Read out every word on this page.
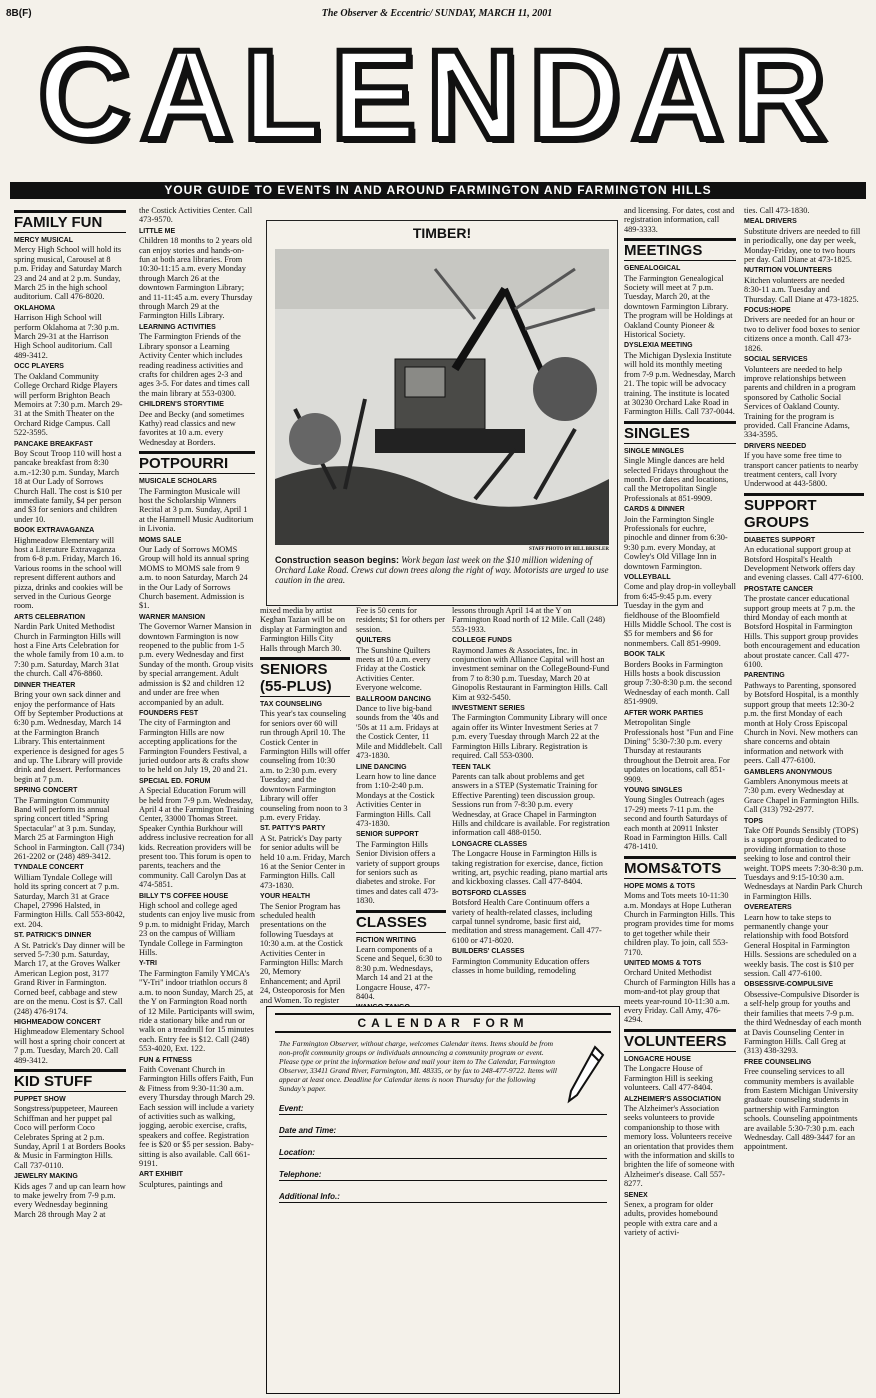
8B(F)	The Observer & Eccentric/ SUNDAY, MARCH 11, 2001
CALENDAR
YOUR GUIDE TO EVENTS IN AND AROUND FARMINGTON AND FARMINGTON HILLS
FAMILY FUN
MERCY MUSICAL

Mercy High School will hold its spring musical, Carousel at 8 p.m. Friday and Saturday March 23 and 24 and at 2 p.m. Sunday, March 25 in the high school auditorium. Call 476-8020.

OKLAHOMA

Harrison High School will perform Oklahoma at 7:30 p.m. March 29-31 at the Harrison High School auditorium. Call 489-3412.

OCC PLAYERS

The Oakland Community College Orchard Ridge Players will perform Brighton Beach Memoirs at 7:30 p.m. March 29-31 at the Smith Theater on the Orchard Ridge Campus. Call 522-3595.

PANCAKE BREAKFAST

Boy Scout Troop 110 will host a pancake breakfast from 8:30 a.m.-12:30 p.m. Sunday, March 18 at Our Lady of Sorrows Church Hall. The cost is $10 per immediate family, $4 per person and $3 for seniors and children under 10.

BOOK EXTRAVAGANZA

Highmeadow Elementary will host a Literature Extravaganza from 6-8 p.m. Friday, March 16. Various rooms in the school will represent different authors and pizza, drinks and cookies will be served in the Curious George room.

ARTS CELEBRATION

Nardin Park United Methodist Church in Farmington Hills will host a Fine Arts Celebration for the whole family from 10 a.m. to 7:30 p.m. Saturday, March 31at the church. Call 476-8860.

DINNER THEATER

Bring your own sack dinner and enjoy the performance of Hats Off by September Productions at 6:30 p.m. Wednesday, March 14 at the Farmington Branch Library. This entertainment experience is designed for ages 5 and up. The Library will provide drink and dessert. Performances begin at 7 p.m.

SPRING CONCERT

The Farmington Community Band will perform its annual spring concert titled "Spring Spectacular" at 3 p.m. Sunday, March 25 at Farmington High School in Farmington. Call (734) 261-2202 or (248) 489-3412.

TYNDALE CONCERT

William Tyndale College will hold its spring concert at 7 p.m. Saturday, March 31 at Grace Chapel, 27996 Halsted, in Farmington Hills. Call 553-8042, ext. 204.

ST. PATRICK'S DINNER

A St. Patrick's Day dinner will be served 5-7:30 p.m. Saturday, March 17, at the Groves Walker American Legion post, 3177 Grand River in Farmington. Corned beef, cabbage and stew are on the menu. Cost is $7. Call (248) 476-9174.

HIGHMEADOW CONCERT

Highmeadow Elementary School will host a spring choir concert at 7 p.m. Tuesday, March 20. Call 489-3412.

KID STUFF
PUPPET SHOW

Songstress/puppeteer, Maureen Schiffman and her puppet pal Coco will perform Coco Celebrates Spring at 2 p.m. Sunday, April 1 at Borders Books & Music in Farmington Hills. Call 737-0110.

JEWELRY MAKING

Kids ages 7 and up can learn how to make jewelry from 7-9 p.m. every Wednesday beginning March 28 through May 2 at

the Costick Activities Center. Call 473-9570.

LITTLE ME

Children 18 months to 2 years old can enjoy stories and hands-on-fun at both area libraries. From 10:30-11:15 a.m. every Monday through March 26 at the downtown Farmington Library; and 11-11:45 a.m. every Thursday through March 29 at the Farmington Hills Library.

LEARNING ACTIVITIES

The Farmington Friends of the Library sponsor a Learning Activity Center which includes reading readiness activities and crafts for children ages 2-3 and ages 3-5. For dates and times call the main library at 553-0300.

CHILDREN'S STORYTIME

Dee and Becky (and sometimes Kathy) read classics and new favorites at 10 a.m. every Wednesday at Borders.

POTPOURRI
MUSICALE SCHOLARS

The Farmington Musicale will host the Scholarship Winners Recital at 3 p.m. Sunday, April 1 at the Hammell Music Auditorium in Livonia.

MOMS SALE

Our Lady of Sorrows MOMS Group will hold its annual spring MOMS to MOMS sale from 9 a.m. to noon Saturday, March 24 in the Our Lady of Sorrows Church basement. Admission is $1.

WARNER MANSION

The Governor Warner Mansion in downtown Farmington is now reopened to the public from 1-5 p.m. every Wednesday and first Sunday of the month. Group visits by special arrangement. Adult admission is $2 and children 12 and under are free when accompanied by an adult.

FOUNDERS FEST

The city of Farmington and Farmington Hills are now accepting applications for the Farmington Founders Festival, a juried outdoor arts & crafts show to be held on July 19, 20 and 21.

SPECIAL ED. FORUM

A Special Education Forum will be held from 7-9 p.m. Wednesday, April 4 at the Farmington Training Center, 33000 Thomas Street. Speaker Cynthia Burkhour will address inclusive recreation for all kids. Recreation providers will be present too. This forum is open to parents, teachers and the community. Call Carolyn Das at 474-5851.

BILLY T'S COFFEE HOUSE

High school and college aged students can enjoy live music from 9 p.m. to midnight Friday, March 23 on the campus of William Tyndale College in Farmington Hills.

Y-TRI

The Farmington Family YMCA's "Y-Tri" indoor triathlon occurs 8 a.m. to noon Sunday, March 25, at the Y on Farmington Road north of 12 Mile. Participants will swim, ride a stationary bike and run or walk on a treadmill for 15 minutes each. Entry fee is $12. Call (248) 553-4020, Ext. 122.

FUN & FITNESS

Faith Covenant Church in Farmington Hills offers Faith, Fun & Fitness from 9:30-11:30 a.m. every Thursday through March 29. Each session will include a variety of activities such as walking, jogging, aerobic exercise, crafts, speakers and coffee. Registration fee is $20 or $5 per session. Baby-sitting is also available. Call 661-9191.

ART EXHIBIT

Sculptures, paintings and

TIMBER!
STAFF PHOTO BY BILL BRESLER
Construction season begins: Work began last week on the $10 million widening of Orchard Lake Road. Crews cut down trees along the right of way. Motorists are urged to use caution in the area.

mixed media by artist Keghan Tazian will be on display at Farmington and Farmington Hills City Halls through March 30.

SENIORS (55-PLUS)
TAX COUNSELING

This year's tax counseling for seniors over 60 will run through April 10. The Costick Center in Farmington Hills will offer counseling from 10:30 a.m. to 2:30 p.m. every Tuesday; and the downtown Farmington Library will offer counseling from noon to 3 p.m. every Friday.

ST. PATTY'S PARTY

A St. Patrick's Day party for senior adults will be held 10 a.m. Friday, March 16 at the Senior Center in Farmington Hills. Call 473-1830.

YOUR HEALTH

The Senior Program has scheduled health presentations on the following Tuesdays at 10:30 a.m. at the Costick Activities Center in Farmington Hills: March 20, Memory Enhancement; and April 24, Osteoporosis for Men and Women. To register

Fee is 50 cents for residents; $1 for others per session.

QUILTERS

The Sunshine Quilters meets at 10 a.m. every Friday at the Costick Activities Center. Everyone welcome.

BALLROOM DANCING

Dance to live big-band sounds from the '40s and '50s at 11 a.m. Fridays at the Costick Center, 11 Mile and Middlebelt. Call 473-1830.

LINE DANCING

Learn how to line dance from 1:10-2:40 p.m. Mondays at the Costick Activities Center in Farmington Hills. Call 473-1830.

SENIOR SUPPORT

The Farmington Hills Senior Division offers a variety of support groups for seniors such as diabetes and stroke. For times and dates call 473-1830.

CLASSES
FICTION WRITING

Learn components of a Scene and Sequel, 6:30 to 8:30 p.m. Wednesdays, March 14 and 21 at the Longacre House, 477-8404.

lessons through April 14 at the Y on Farmington Road north of 12 Mile. Call (248) 553-1933.

COLLEGE FUNDS

Raymond James & Associates, Inc. in conjunction with Alliance Capital will host an investment seminar on the CollegeBound-Fund from 7 to 8:30 p.m. Tuesday, March 20 at Ginopolis Restaurant in Farmington Hills. Call Kim at 932-5450.

INVESTMENT SERIES

The Farmington Community Library will once again offer its Winter Investment Series at 7 p.m. every Tuesday through March 22 at the Farmington Hills Library. Registration is required. Call 553-0300.

TEEN TALK

Parents can talk about problems and get answers in a STEP (Systematic Training for Effective Parenting) teen discussion group. Sessions run from 7-8:30 p.m. every Wednesday, at Grace Chapel in Farmington Hills and childcare is available. For registration information call 488-0150.

LONGACRE CLASSES

The Longacre House in Farmington Hills is taking registration for exercise, dance, fiction writing, art, psychic reading, piano martial arts and kickboxing classes. Call 477-8404.

BOTSFORD CLASSES

Botsford Health Care Continuum offers a variety of health-related classes, including carpal tunnel syndrome, basic first aid, meditation and stress management. Call 477-6100 or 471-8020.

BUILDERS' CLASSES

Farmington Community Education offers classes in home building, remodeling

CALENDAR FORM
The Farmington Observer, without charge, welcomes Calendar items. Items should be from non-profit community groups or individuals announcing a community program or event. Please type or print the information below and mail your item to The Calendar, Farmington Observer, 33411 Grand River, Farmington, MI. 48335, or by fax to 248-477-9722. Items will appear at least once. Deadline for Calendar items is noon Thursday for the following Sunday's paper.
Event:
Date and Time:
Location:
Telephone:
Additional Info.:

and licensing. For dates, cost and registration information, call 489-3333.

MEETINGS
GENEALOGICAL

The Farmington Genealogical Society will meet at 7 p.m. Tuesday, March 20, at the downtown Farmington Library. The program will be Holdings at Oakland County Pioneer & Historical Society.

DYSLEXIA MEETING

The Michigan Dyslexia Institute will hold its monthly meeting from 7-9 p.m. Wednesday, March 21. The topic will be advocacy training. The institute is located at 30230 Orchard Lake Road in Farmington Hills. Call 737-0044.

SINGLES
SINGLE MINGLES

Single Mingle dances are held selected Fridays throughout the month. For dates and locations, call the Metropolitan Single Professionals at 851-9909.

CARDS & DINNER

Join the Farmington Single Professionals for euchre, pinochle and dinner from 6:30-9:30 p.m. every Monday, at Cowley's Old Village Inn in downtown Farmington.

VOLLEYBALL

Come and play drop-in volleyball from 6:45-9:45 p.m. every Tuesday in the gym and fieldhouse of the Bloomfield Hills Middle School. The cost is $5 for members and $6 for nonmembers. Call 851-9909.

BOOK TALK

Borders Books in Farmington Hills hosts a book discussion group 7:30-8:30 p.m. the second Wednesday of each month. Call 851-9909.

AFTER WORK PARTIES

Metropolitan Single Professionals host "Fun and Fine Dining" 5:30-7:30 p.m. every Thursday at restaurants throughout the Detroit area. For updates on locations, call 851-9909.

YOUNG SINGLES

Young Singles Outreach (ages 17-29) meets 7-11 p.m. the second and fourth Saturdays of each month at 20911 Inkster Road in Farmington Hills. Call 478-1410.

MOMS&TOTS
HOPE MOMS & TOTS

Moms and Tots meets 10-11:30 a.m. Mondays at Hope Lutheran Church in Farmington Hills. This program provides time for moms to get together while their children play. To join, call 553-7170.

UNITED MOMS & TOTS

Orchard United Methodist Church of Farmington Hills has a mom-and-tot play group that meets year-round 10-11:30 a.m. every Friday. Call Amy, 476-4294.

VOLUNTEERS
LONGACRE HOUSE

The Longacre House of Farmington Hill is seeking volunteers. Call 477-8404.

ALZHEIMER'S ASSOCIATION

The Alzheimer's Association seeks volunteers to provide companionship to those with memory loss. Volunteers receive an orientation that provides them with the information and skills to brighten the life of someone with Alzheimer's disease. Call 557-8277.

SENEX

Senex, a program for older adults, provides homebound people with extra care and a variety of activi-

ties. Call 473-1830.

MEAL DRIVERS

Substitute drivers are needed to fill in periodically, one day per week, Monday-Friday, one to two hours per day. Call Diane at 473-1825.

NUTRITION VOLUNTEERS

Kitchen volunteers are needed 8:30-11 a.m. Tuesday and Thursday. Call Diane at 473-1825.

FOCUS:HOPE

Drivers are needed for an hour or two to deliver food boxes to senior citizens once a month. Call 473-1826.

SOCIAL SERVICES

Volunteers are needed to help improve relationships between parents and children in a program sponsored by Catholic Social Services of Oakland County. Training for the program is provided. Call Francine Adams, 334-3595.

DRIVERS NEEDED

If you have some free time to transport cancer patients to nearby treatment centers, call Ivory Underwood at 443-5800.

SUPPORT GROUPS
DIABETES SUPPORT

An educational support group at Botsford Hospital's Health Development Network offers day and evening classes. Call 477-6100.

PROSTATE CANCER

The prostate cancer educational support group meets at 7 p.m. the third Monday of each month at Botsford Hospital in Farmington Hills. This support group provides both encouragement and education about prostate cancer. Call 477-6100.

PARENTING

Pathways to Parenting, sponsored by Botsford Hospital, is a monthly support group that meets 12:30-2 p.m. the first Monday of each month at Holy Cross Episcopal Church in Novi. New mothers can share concerns and obtain information and network with peers. Call 477-6100.

GAMBLERS ANONYMOUS

Gamblers Anonymous meets at 7:30 p.m. every Wednesday at Grace Chapel in Farmington Hills. Call (313) 792-2977.

TOPS

Take Off Pounds Sensibly (TOPS) is a support group dedicated to providing information to those seeking to lose and control their weight. TOPS meets 7:30-8:30 p.m. Tuesdays and 9:15-10:30 a.m. Wednesdays at Nardin Park Church in Farmington Hills.

OVEREATERS

Learn how to take steps to permanently change your relationship with food Botsford General Hospital in Farmington Hills. Sessions are scheduled on a weekly basis. The cost is $10 per session. Call 477-6100.

OBSESSIVE-COMPULSIVE

Obsessive-Compulsive Disorder is a self-help group for youths and their families that meets 7-9 p.m. the third Wednesday of each month at Davis Counseling Center in Farmington Hills. Call Greg at (313) 438-3293.

FREE COUNSELING

Free counseling services to all community members is available from Eastern Michigan University graduate counseling students in partnership with Farmington schools. Counseling appointments are available 5:30-7:30 p.m. each Wednesday. Call 489-3447 for an appointment.
